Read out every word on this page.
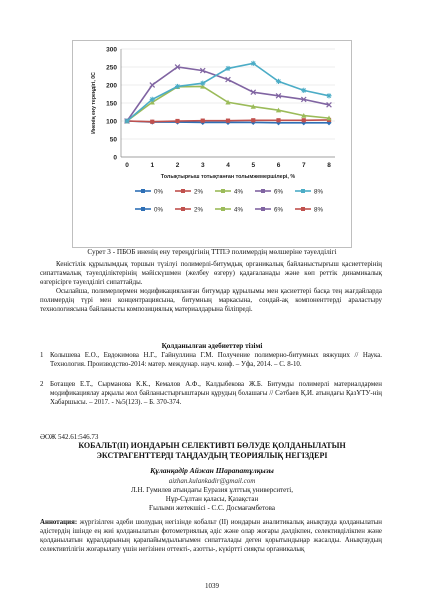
0
50
100
150
200
250
300
0	1	2	3	4	5	6	7	8
Иненің ену тереңдігі, 0С
Толықтырғыш тотықтанған толымжемершілері, %
0%	2%	4%	6%	8%
0%	2%	4%	6%	8%
Сурет 3 - ПБОБ иненің ену тереңдігінің ТТПЭ полимердің мөлшеріне тәуелділігі

Кеністiлiк құрылымдық торшын түзілуі полимерлі-битумдық органикалық байланыстырғыш қасиеттерінің сипаттамалық тәуелділіктерінің мәйіскүшмен (желбеу өзгеру) қадағаланады және көп реттік динамикалық өзгерiсiрге тәуелділігі сипаттайды.

Осылайша, полимерлермен модификацияланған битумдар құрылымы мен қасиеттері басқа тең жағдайларда полимердің түрі мен концентрациясына, битумның маркасына, сондай-ақ компоненттерді араластыру технологиясына байланысты композициялық материалдарына біліпредi.

Қолданылған әдебиеттер тізімі
1 Колышева Е.О., Евдокимова Н.Г., Гайнуллина Г.М. Получение полимерно-битумных вяжущих // Наука. Технология. Производство-2014: матер. междунар. науч. конф. – Уфа, 2014. – С. 8-10.
2 Ботащев Е.Т., Сырманова К.К., Кемалов А.Ф., Калдыбекова Ж.Б. Битумды полимерлі материалдармен модификациялау арқылы жол байланыстырғыштарын құрудың болашағы // Сәтбаев Қ.И. атындағы ҚазҰТУ-нің Хабаршысы. – 2017. - №5(123). – Б. 370-374.
ӘОЖ 542.61:546.73
КОБАЛЬТ(II) ИОНДАРЫН СЕЛЕКТИВТІ БӨЛУДЕ ҚОЛДАНЫЛАТЫН
ЭКСТРАГЕНТТЕРДІ ТАҢДАУДЫҢ ТЕОРИЯЛЫҚ НЕГІЗДЕРІ
Құланқадір Айжан Шарапатұлқызы
aizhan.kulankadir@gmail.com
Л.Н. Гумилев атындағы Еуразия ұлттық университеті,
Нұр-Сұлтан қаласы, Қазақстан
Ғылыми жетекшісі - С.С. Досмағамбетова
Аннотация: жүргізілген әдеби шолудың негізінде кобальт (II) иондарын аналитикалық анықтауда қолданылатын әдістердің ішінде ең жиі қолданылатын фотометриялық әдіс және олар жоғары дәлдікпен, селективділікпен және қолданылатын құралдарының қарапайымдылығымен сипатталады деген қорытындыңар жасалды. Анықтаудың селективтілігін жоғарылату үшін негізінен оттекті-, азотты-, күкіртті сияқты органикалық
1039
